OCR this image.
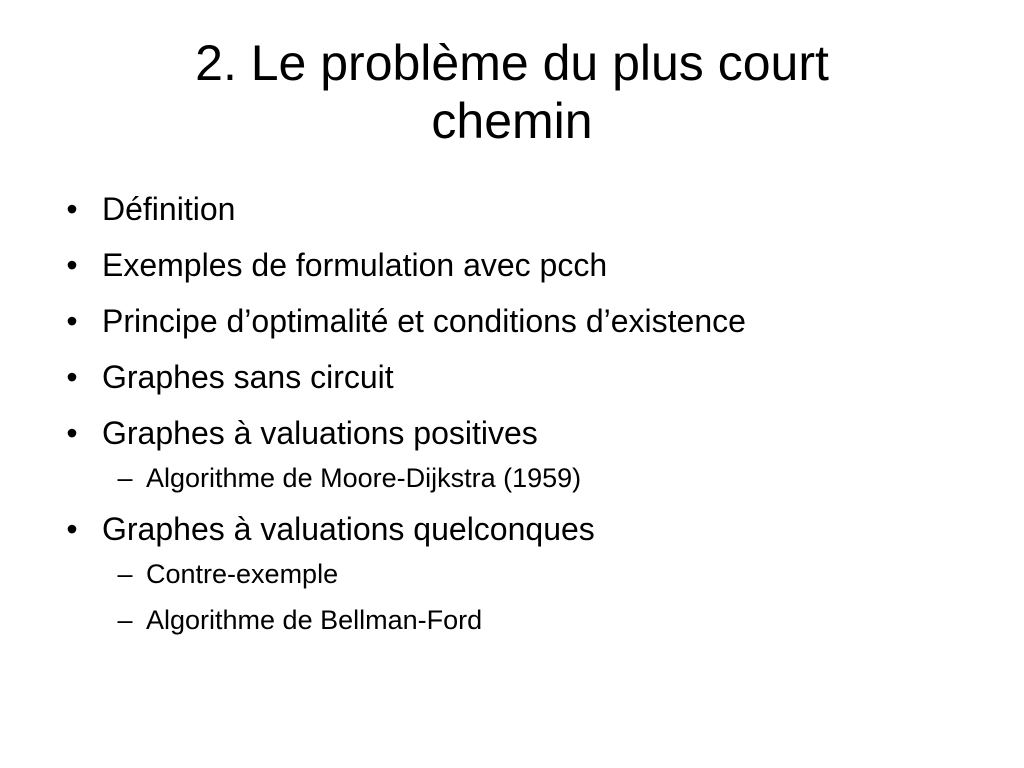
2. Le problème du plus court
chemin
• Définition
• Exemples de formulation avec pcch
• Principe d’optimalité et conditions d’existence
• Graphes sans circuit
• Graphes à valuations positives
– Algorithme de Moore-Dijkstra (1959)
• Graphes à valuations quelconques
– Contre-exemple
– Algorithme de Bellman-Ford
